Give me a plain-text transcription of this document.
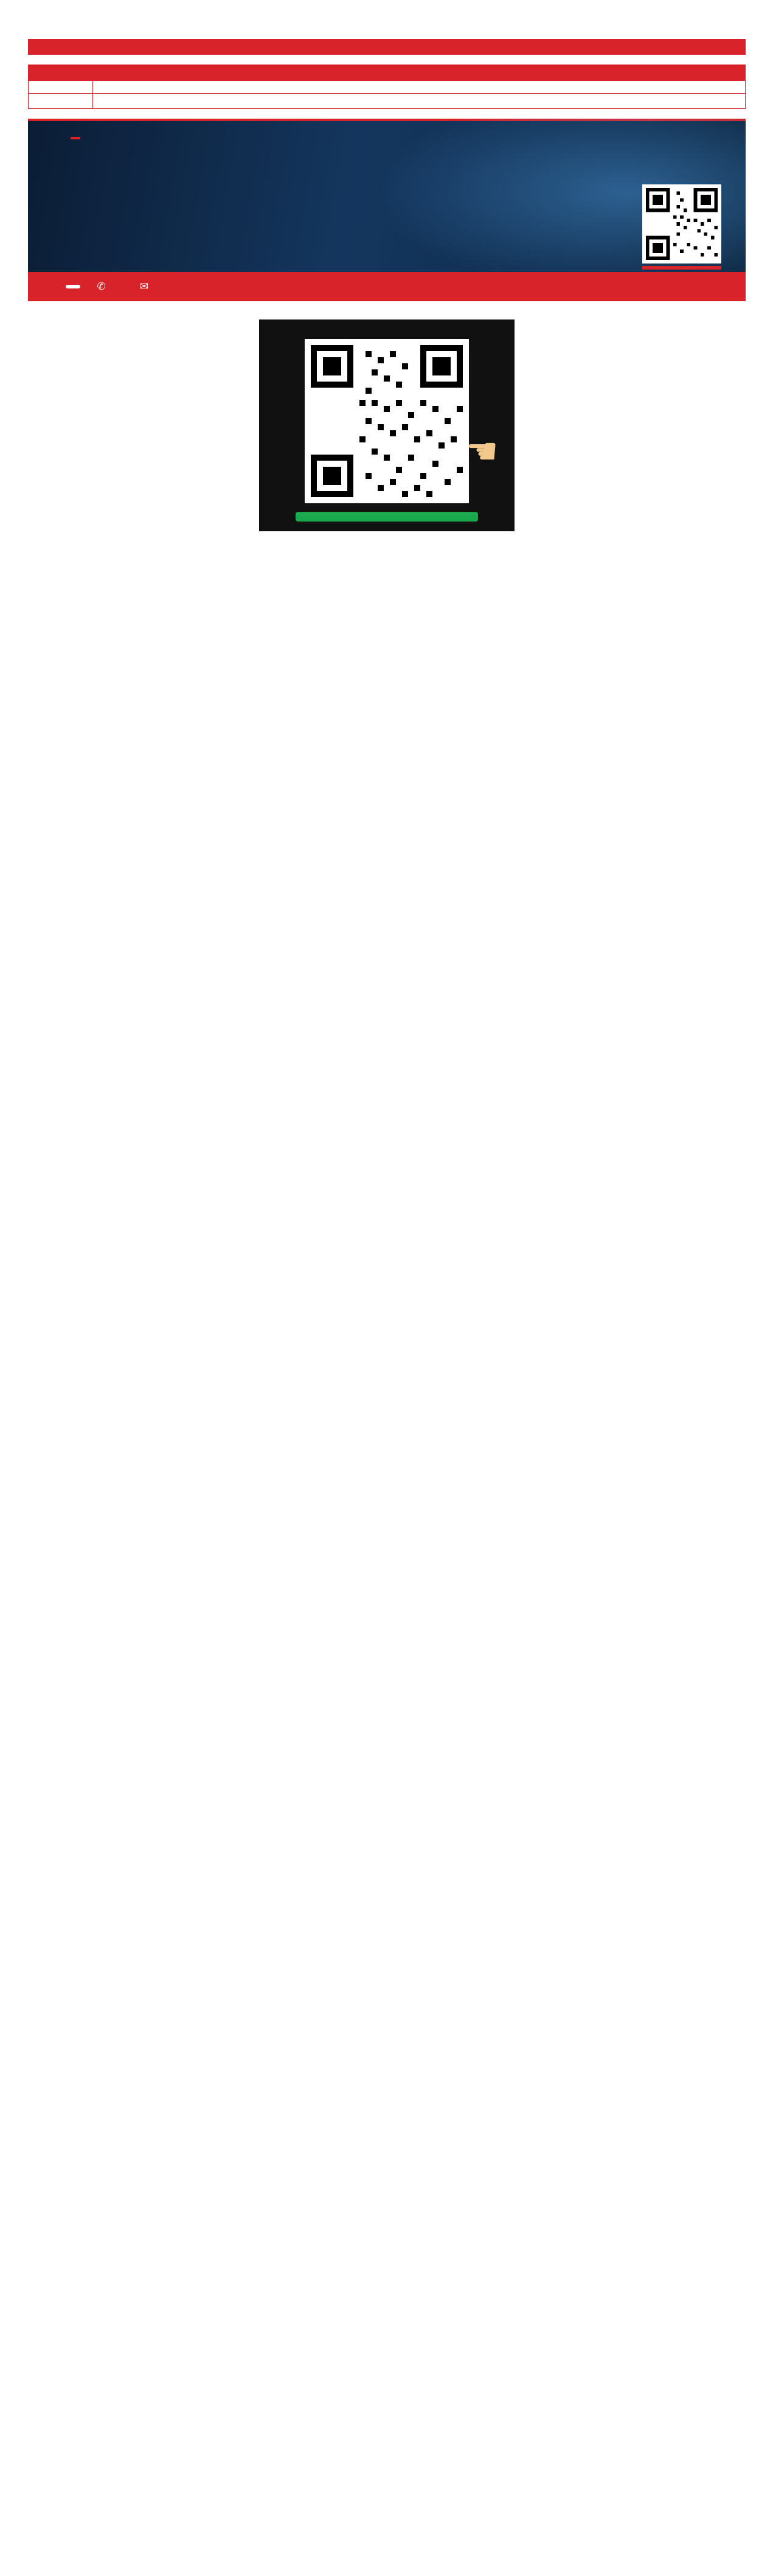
✆	✉
☚
